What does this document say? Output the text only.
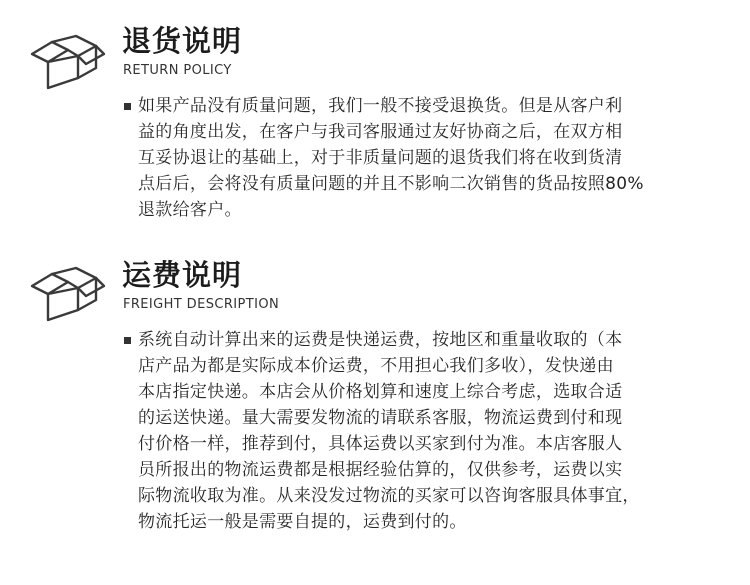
退货说明
RETURN POLICY
如果产品没有质量问题，我们一般不接受退换货。但是从客户利
益的角度出发，在客户与我司客服通过友好协商之后，在双方相
互妥协退让的基础上，对于非质量问题的退货我们将在收到货清
点后后，会将没有质量问题的并且不影响二次销售的货品按照80%
退款给客户。
运费说明
FREIGHT DESCRIPTION
系统自动计算出来的运费是快递运费，按地区和重量收取的（本
店产品为都是实际成本价运费，不用担心我们多收），发快递由
本店指定快递。本店会从价格划算和速度上综合考虑，选取合适
的运送快递。量大需要发物流的请联系客服，物流运费到付和现
付价格一样，推荐到付，具体运费以买家到付为准。本店客服人
员所报出的物流运费都是根据经验估算的，仅供参考，运费以实
际物流收取为准。从来没发过物流的买家可以咨询客服具体事宜，
物流托运一般是需要自提的，运费到付的。
